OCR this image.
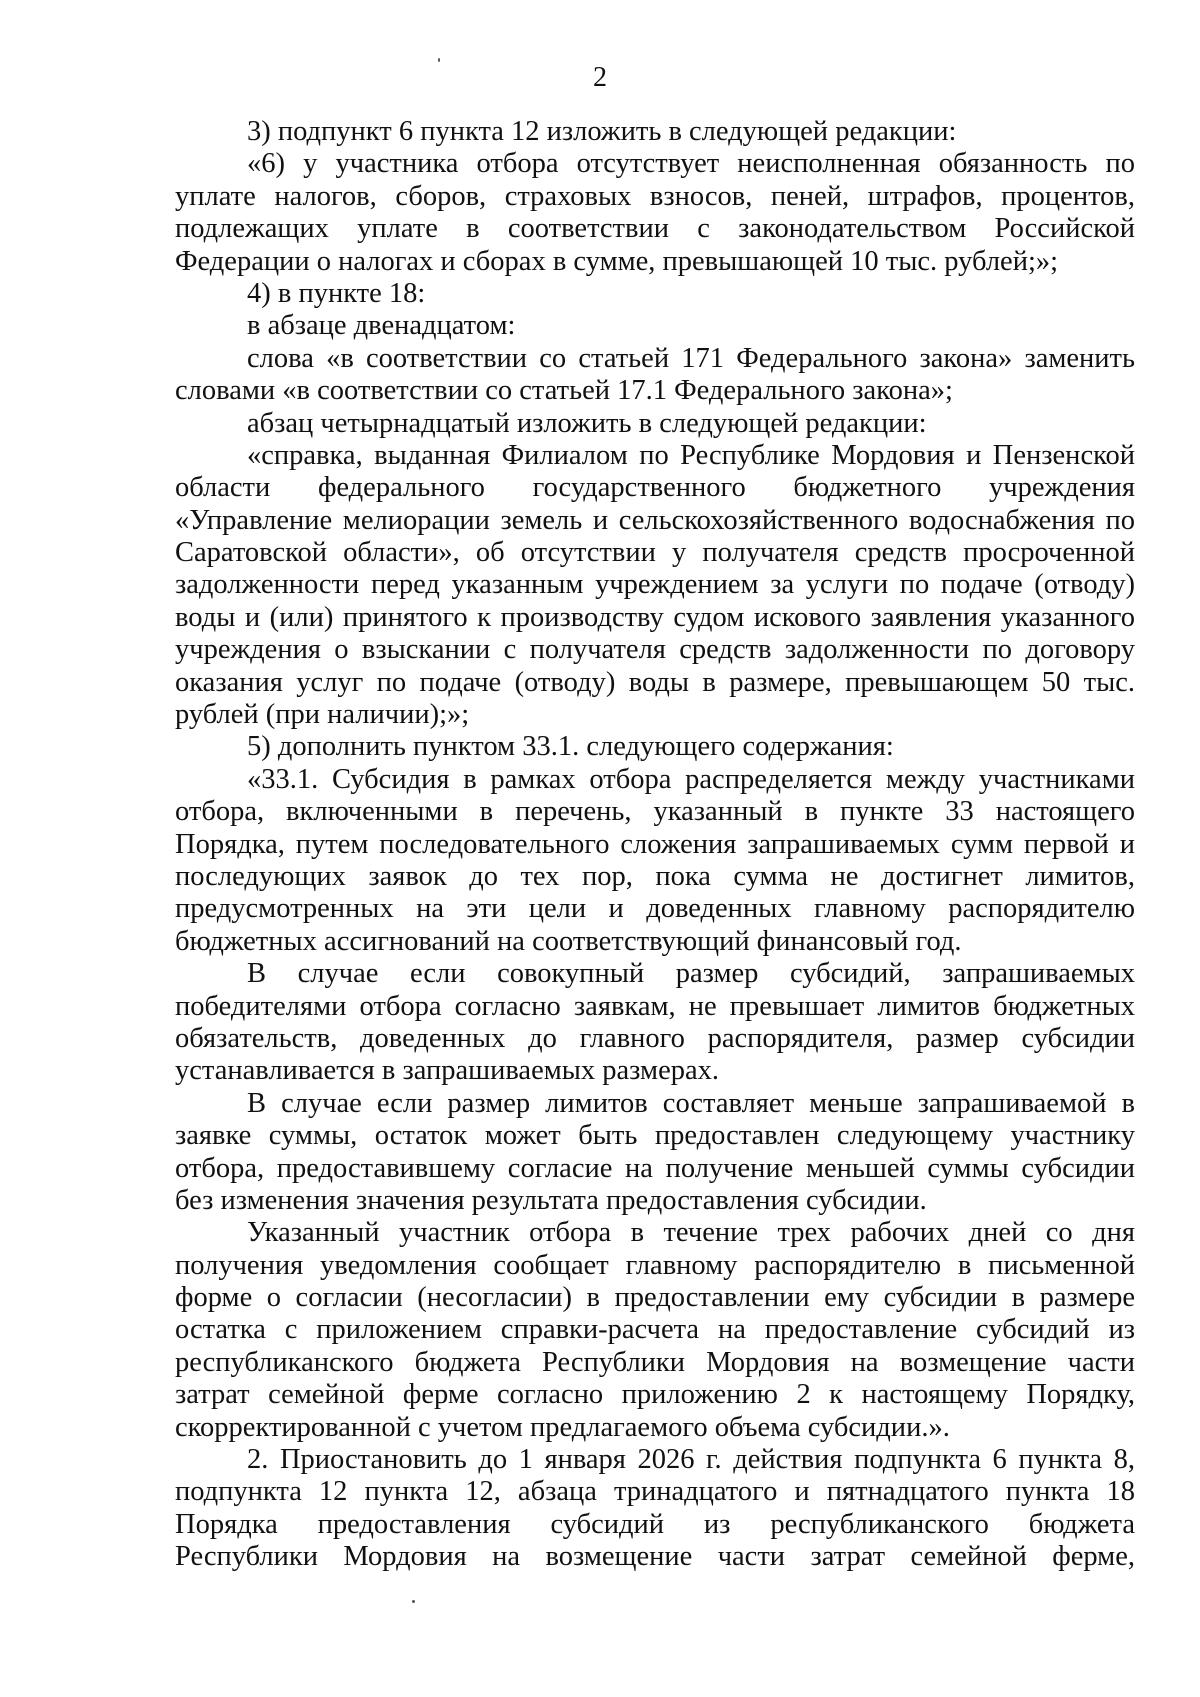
2
3) подпункт 6 пункта 12 изложить в следующей редакции:
«6) у участника отбора отсутствует неисполненная обязанность по
уплате налогов, сборов, страховых взносов, пеней, штрафов, процентов,
подлежащих уплате в соответствии с законодательством Российской
Федерации о налогах и сборах в сумме, превышающей 10 тыс. рублей;»;
4) в пункте 18:
в абзаце двенадцатом:
слова «в соответствии со статьей 171 Федерального закона» заменить
словами «в соответствии со статьей 17.1 Федерального закона»;
абзац четырнадцатый изложить в следующей редакции:
«справка, выданная Филиалом по Республике Мордовия и Пензенской
области федерального государственного бюджетного учреждения
«Управление мелиорации земель и сельскохозяйственного водоснабжения по
Саратовской области», об отсутствии у получателя средств просроченной
задолженности перед указанным учреждением за услуги по подаче (отводу)
воды и (или) принятого к производству судом искового заявления указанного
учреждения о взыскании с получателя средств задолженности по договору
оказания услуг по подаче (отводу) воды в размере, превышающем 50 тыс.
рублей (при наличии);»;
5) дополнить пунктом 33.1. следующего содержания:
«33.1. Субсидия в рамках отбора распределяется между участниками
отбора, включенными в перечень, указанный в пункте 33 настоящего
Порядка, путем последовательного сложения запрашиваемых сумм первой и
последующих заявок до тех пор, пока сумма не достигнет лимитов,
предусмотренных на эти цели и доведенных главному распорядителю
бюджетных ассигнований на соответствующий финансовый год.
В случае если совокупный размер субсидий, запрашиваемых
победителями отбора согласно заявкам, не превышает лимитов бюджетных
обязательств, доведенных до главного распорядителя, размер субсидии
устанавливается в запрашиваемых размерах.
В случае если размер лимитов составляет меньше запрашиваемой в
заявке суммы, остаток может быть предоставлен следующему участнику
отбора, предоставившему согласие на получение меньшей суммы субсидии
без изменения значения результата предоставления субсидии.
Указанный участник отбора в течение трех рабочих дней со дня
получения уведомления сообщает главному распорядителю в письменной
форме о согласии (несогласии) в предоставлении ему субсидии в размере
остатка с приложением справки-расчета на предоставление субсидий из
республиканского бюджета Республики Мордовия на возмещение части
затрат семейной ферме согласно приложению 2 к настоящему Порядку,
скорректированной с учетом предлагаемого объема субсидии.».
2. Приостановить до 1 января 2026 г. действия подпункта 6 пункта 8,
подпункта 12 пункта 12, абзаца тринадцатого и пятнадцатого пункта 18
Порядка предоставления субсидий из республиканского бюджета
Республики Мордовия на возмещение части затрат семейной ферме,
